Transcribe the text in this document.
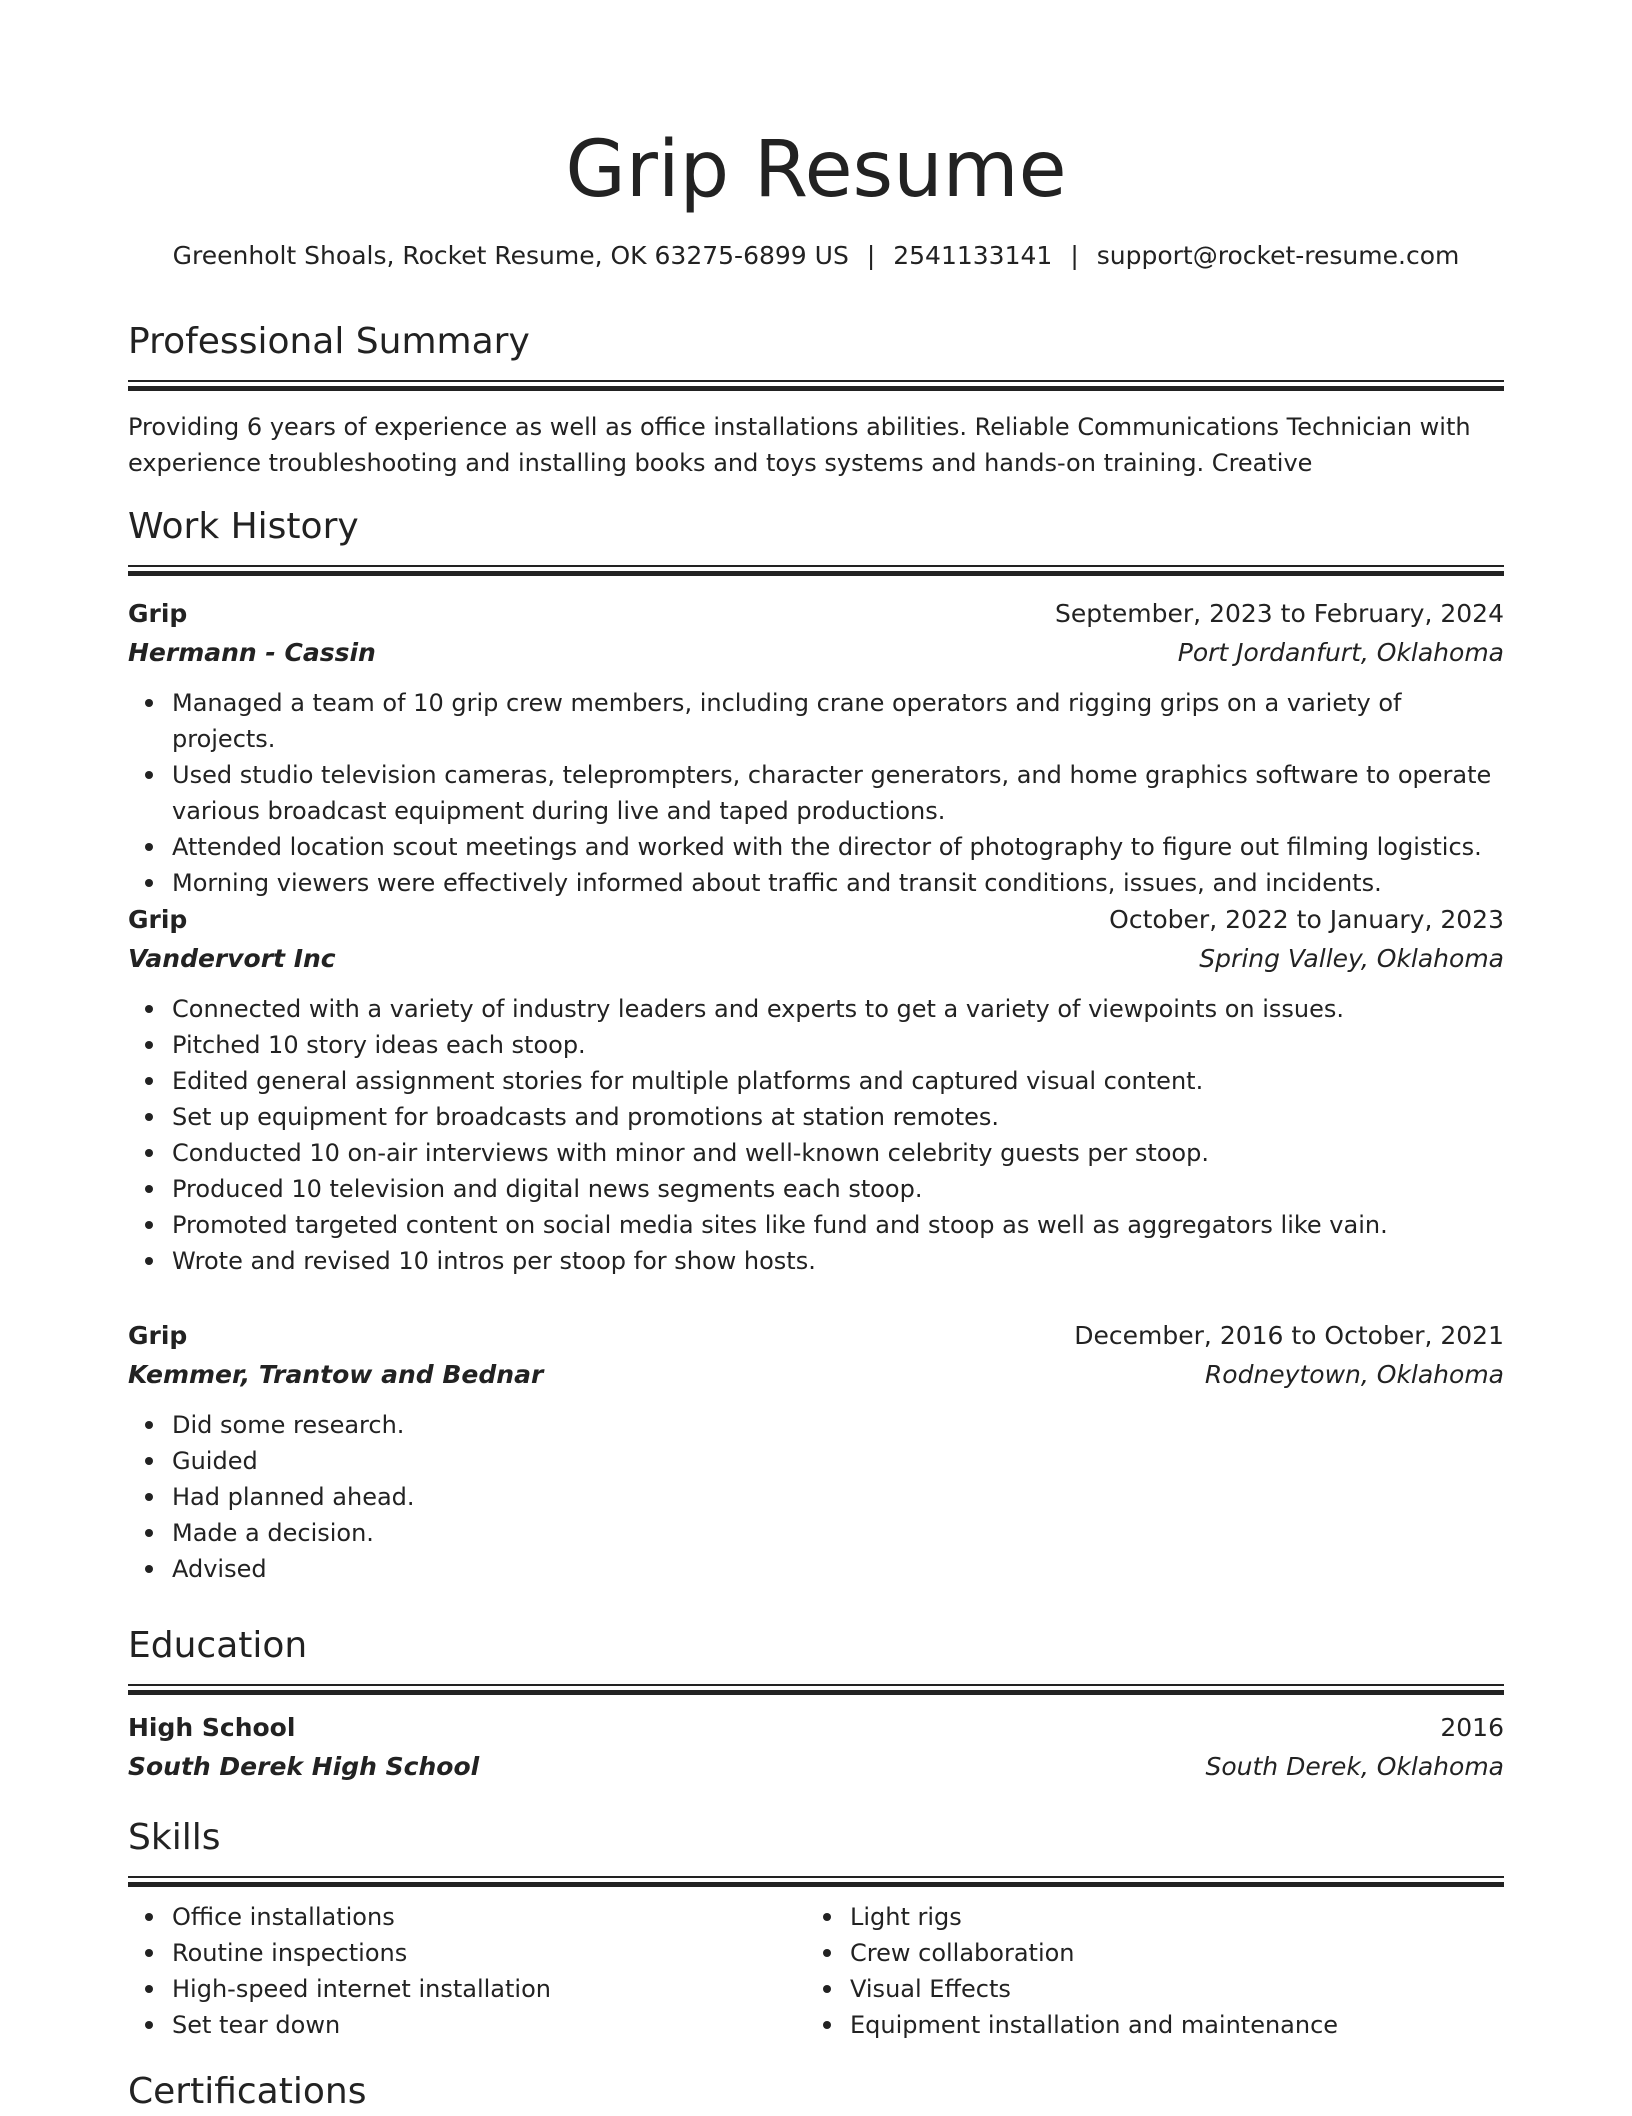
Grip Resume
Greenholt Shoals, Rocket Resume, OK 63275-6899 US | 2541133141 | support@rocket-resume.com
Professional Summary
Providing 6 years of experience as well as office installations abilities. Reliable Communications Technician with experience troubleshooting and installing books and toys systems and hands-on training. Creative
Work History
Grip	September, 2023 to February, 2024
Hermann - Cassin	Port Jordanfurt, Oklahoma
Managed a team of 10 grip crew members, including crane operators and rigging grips on a variety of projects.
Used studio television cameras, teleprompters, character generators, and home graphics software to operate various broadcast equipment during live and taped productions.
Attended location scout meetings and worked with the director of photography to figure out filming logistics.
Morning viewers were effectively informed about traffic and transit conditions, issues, and incidents.
Grip	October, 2022 to January, 2023
Vandervort Inc	Spring Valley, Oklahoma
Connected with a variety of industry leaders and experts to get a variety of viewpoints on issues.
Pitched 10 story ideas each stoop.
Edited general assignment stories for multiple platforms and captured visual content.
Set up equipment for broadcasts and promotions at station remotes.
Conducted 10 on-air interviews with minor and well-known celebrity guests per stoop.
Produced 10 television and digital news segments each stoop.
Promoted targeted content on social media sites like fund and stoop as well as aggregators like vain.
Wrote and revised 10 intros per stoop for show hosts.
Grip	December, 2016 to October, 2021
Kemmer, Trantow and Bednar	Rodneytown, Oklahoma
Did some research.
Guided
Had planned ahead.
Made a decision.
Advised
Education
High School	2016
South Derek High School	South Derek, Oklahoma
Skills
Office installations
Routine inspections
High-speed internet installation
Set tear down
Light rigs
Crew collaboration
Visual Effects
Equipment installation and maintenance
Certifications
